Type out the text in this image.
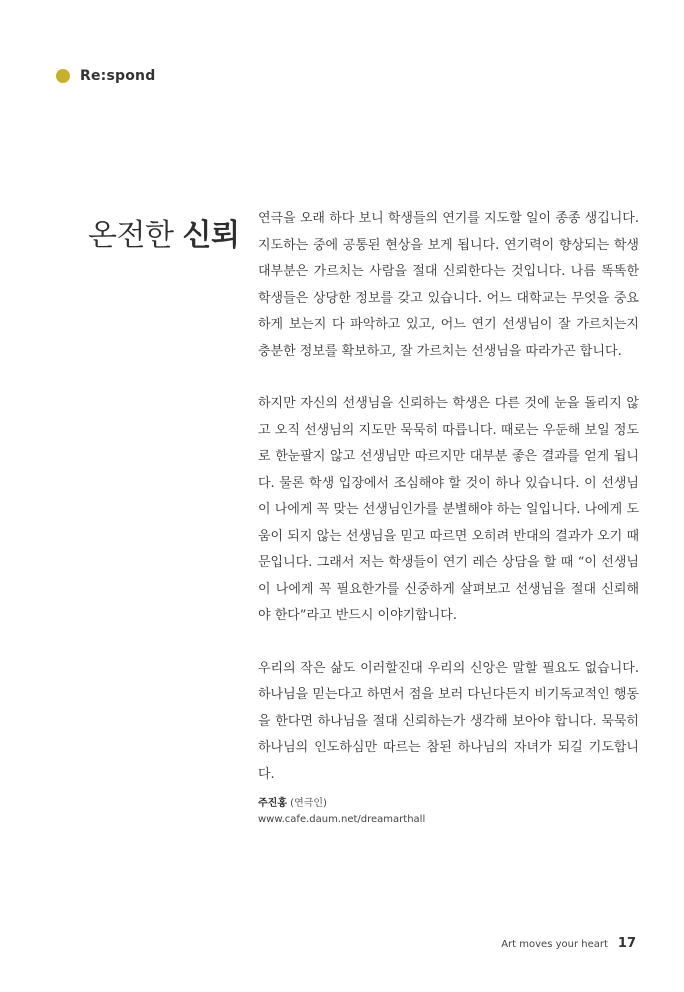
Re:spond
온전한 신뢰 연극을 오래 하다 보니 학생들의 연기를 지도할 일이 종종 생깁니다. 지도하는 중에 공통된 현상을 보게 됩니다. 연기력이 향상되는 학생 대부분은 가르치는 사람을 절대 신뢰한다는 것입니다. 나름 똑똑한 학생들은 상당한 정보를 갖고 있습니다. 어느 대학교는 무엇을 중요하게 보는지 다 파악하고 있고, 어느 연기 선생님이 잘 가르치는지 충분한 정보를 확보하고, 잘 가르치는 선생님을 따라가곤 합니다.

하지만 자신의 선생님을 신뢰하는 학생은 다른 것에 눈을 돌리지 않고 오직 선생님의 지도만 묵묵히 따릅니다. 때로는 우둔해 보일 정도로 한눈팔지 않고 선생님만 따르지만 대부분 좋은 결과를 얻게 됩니다. 물론 학생 입장에서 조심해야 할 것이 하나 있습니다. 이 선생님이 나에게 꼭 맞는 선생님인가를 분별해야 하는 일입니다. 나에게 도움이 되지 않는 선생님을 믿고 따르면 오히려 반대의 결과가 오기 때문입니다. 그래서 저는 학생들이 연기 레슨 상담을 할 때 “이 선생님이 나에게 꼭 필요한가를 신중하게 살펴보고 선생님을 절대 신뢰해야 한다”라고 반드시 이야기합니다.

우리의 작은 삶도 이러할진대 우리의 신앙은 말할 필요도 없습니다. 하나님을 믿는다고 하면서 점을 보러 다닌다든지 비기독교적인 행동을 한다면 하나님을 절대 신뢰하는가 생각해 보아야 합니다. 묵묵히 하나님의 인도하심만 따르는 참된 하나님의 자녀가 되길 기도합니다.

주진홍 (연극인)
www.cafe.daum.net/dreamarthall
Art moves your heart 17
